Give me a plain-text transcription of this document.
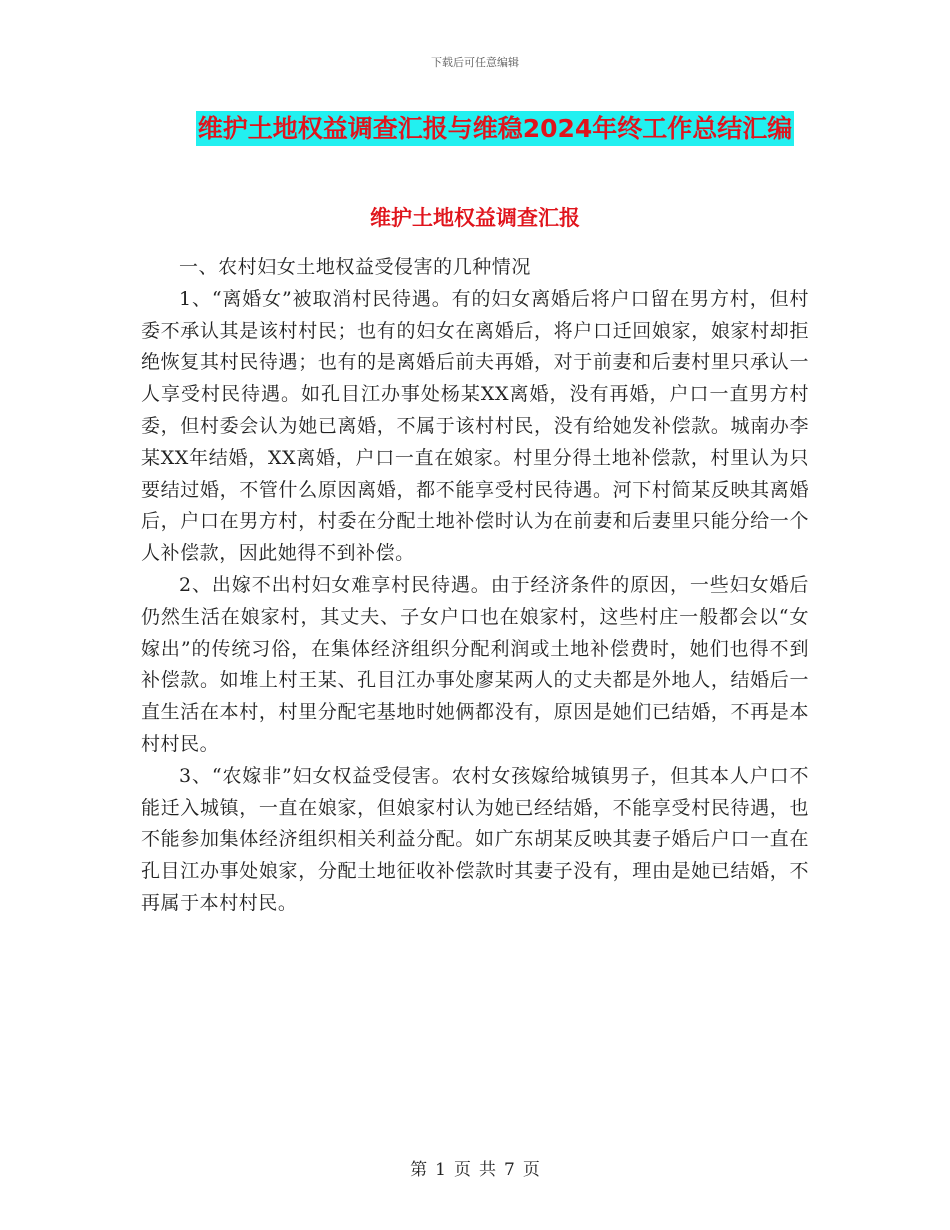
下载后可任意编辑
维护土地权益调查汇报与维稳2024年终工作总结汇编
维护土地权益调查汇报

一、农村妇女土地权益受侵害的几种情况

1、“离婚女”被取消村民待遇。有的妇女离婚后将户口留在男方村，但村委不承认其是该村村民；也有的妇女在离婚后，将户口迁回娘家，娘家村却拒绝恢复其村民待遇；也有的是离婚后前夫再婚，对于前妻和后妻村里只承认一人享受村民待遇。如孔目江办事处杨某XX离婚，没有再婚，户口一直男方村委，但村委会认为她已离婚，不属于该村村民，没有给她发补偿款。城南办李某XX年结婚，XX离婚，户口一直在娘家。村里分得土地补偿款，村里认为只要结过婚，不管什么原因离婚，都不能享受村民待遇。河下村简某反映其离婚后，户口在男方村，村委在分配土地补偿时认为在前妻和后妻里只能分给一个人补偿款，因此她得不到补偿。

2、出嫁不出村妇女难享村民待遇。由于经济条件的原因，一些妇女婚后仍然生活在娘家村，其丈夫、子女户口也在娘家村，这些村庄一般都会以“女嫁出”的传统习俗，在集体经济组织分配利润或土地补偿费时，她们也得不到补偿款。如堆上村王某、孔目江办事处廖某两人的丈夫都是外地人，结婚后一直生活在本村，村里分配宅基地时她俩都没有，原因是她们已结婚，不再是本村村民。

3、“农嫁非”妇女权益受侵害。农村女孩嫁给城镇男子，但其本人户口不能迁入城镇，一直在娘家，但娘家村认为她已经结婚，不能享受村民待遇，也不能参加集体经济组织相关利益分配。如广东胡某反映其妻子婚后户口一直在孔目江办事处娘家，分配土地征收补偿款时其妻子没有，理由是她已结婚，不再属于本村村民。

第 1 页 共 7 页
